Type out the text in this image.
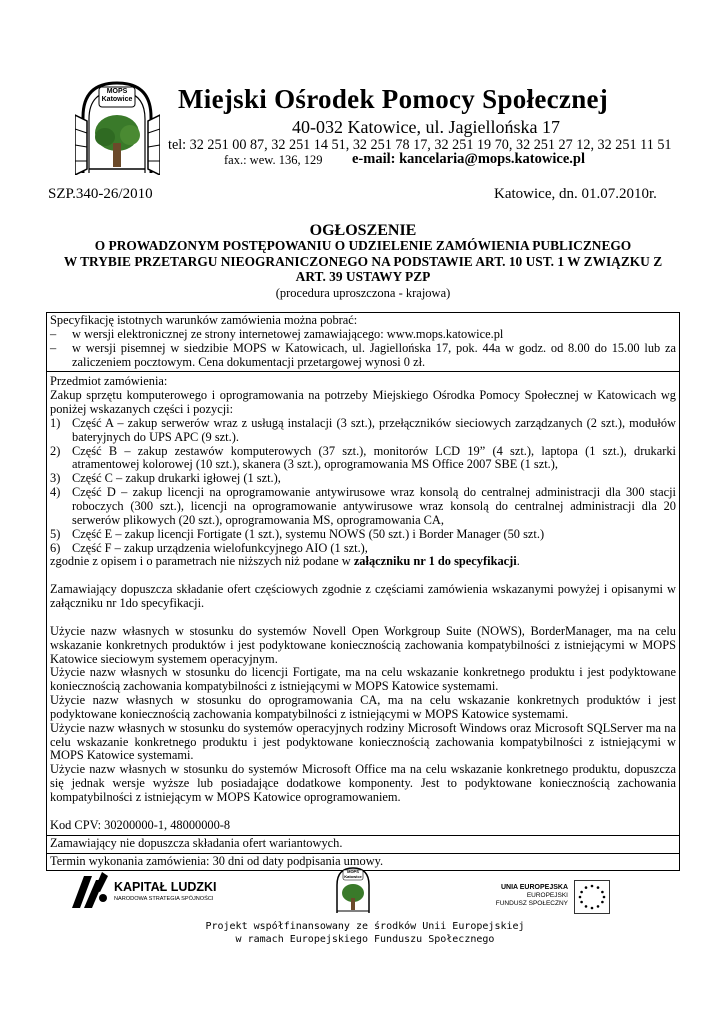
MOPS
Katowice Miejski Ośrodek Pomocy Społecznej
40-032 Katowice, ul. Jagiellońska 17
tel: 32 251 00 87, 32 251 14 51, 32 251 78 17, 32 251 19 70, 32 251 27 12, 32 251 11 51
fax.: wew. 136, 129 e-mail: kancelaria@mops.katowice.pl
SZP.340-26/2010	Katowice, dn. 01.07.2010r.
OGŁOSZENIE
O PROWADZONYM POSTĘPOWANIU O UDZIELENIE ZAMÓWIENIA PUBLICZNEGO
W TRYBIE PRZETARGU NIEOGRANICZONEGO NA PODSTAWIE ART. 10 UST. 1 W ZWIĄZKU Z
ART. 39 USTAWY PZP
(procedura uproszczona - krajowa)

Specyfikację istotnych warunków zamówienia można pobrać:

–	w wersji elektronicznej ze strony internetowej zamawiającego: www.mops.katowice.pl
–	w wersji pisemnej w siedzibie MOPS w Katowicach, ul. Jagiellońska 17, pok. 44a w godz. od 8.00 do 15.00 lub za zaliczeniem pocztowym. Cena dokumentacji przetargowej wynosi 0 zł.

Przedmiot zamówienia:

Zakup sprzętu komputerowego i oprogramowania na potrzeby Miejskiego Ośrodka Pomocy Społecznej w Katowicach wg poniżej wskazanych części i pozycji:

1) Część A – zakup serwerów wraz z usługą instalacji (3 szt.), przełączników sieciowych zarządzanych (2 szt.), modułów bateryjnych do UPS APC (9 szt.).
2) Część B – zakup zestawów komputerowych (37 szt.), monitorów LCD 19” (4 szt.), laptopa (1 szt.), drukarki atramentowej kolorowej (10 szt.), skanera (3 szt.), oprogramowania MS Office 2007 SBE (1 szt.),
3) Część C – zakup drukarki igłowej (1 szt.),
4) Część D – zakup licencji na oprogramowanie antywirusowe wraz konsolą do centralnej administracji dla 300 stacji roboczych (300 szt.), licencji na oprogramowanie antywirusowe wraz konsolą do centralnej administracji dla 20 serwerów plikowych (20 szt.), oprogramowania MS, oprogramowania CA,
5) Część E – zakup licencji Fortigate (1 szt.), systemu NOWS (50 szt.) i Border Manager (50 szt.)
6) Część F – zakup urządzenia wielofunkcyjnego AIO (1 szt.),

zgodnie z opisem i o parametrach nie niższych niż podane w załączniku nr 1 do specyfikacji.

Zamawiający dopuszcza składanie ofert częściowych zgodnie z częściami zamówienia wskazanymi powyżej i opisanymi w załączniku nr 1do specyfikacji.

Użycie nazw własnych w stosunku do systemów Novell Open Workgroup Suite (NOWS), BorderManager, ma na celu wskazanie konkretnych produktów i jest podyktowane koniecznością zachowania kompatybilności z istniejącymi w MOPS Katowice sieciowym systemem operacyjnym.

Użycie nazw własnych w stosunku do licencji Fortigate, ma na celu wskazanie konkretnego produktu i jest podyktowane koniecznością zachowania kompatybilności z istniejącymi w MOPS Katowice systemami.

Użycie nazw własnych w stosunku do oprogramowania CA, ma na celu wskazanie konkretnych produktów i jest podyktowane koniecznością zachowania kompatybilności z istniejącymi w MOPS Katowice systemami.

Użycie nazw własnych w stosunku do systemów operacyjnych rodziny Microsoft Windows oraz Microsoft SQLServer ma na celu wskazanie konkretnego produktu i jest podyktowane koniecznością zachowania kompatybilności z istniejącymi w MOPS Katowice systemami.

Użycie nazw własnych w stosunku do systemów Microsoft Office ma na celu wskazanie konkretnego produktu, dopuszcza się jednak wersje wyższe lub posiadające dodatkowe komponenty. Jest to podyktowane koniecznością zachowania kompatybilności z istniejącym w MOPS Katowice oprogramowaniem.

Kod CPV: 30200000-1, 48000000-8

Zamawiający nie dopuszcza składania ofert wariantowych.

Termin wykonania zamówienia: 30 dni od daty podpisania umowy.

KAPITAŁ LUDZKI
NARODOWA STRATEGIA SPÓJNOŚCI
MOPS
Katowice
UNIA EUROPEJSKA
EUROPEJSKI
FUNDUSZ SPOŁECZNY
Projekt współfinansowany ze środków Unii Europejskiej
w ramach Europejskiego Funduszu Społecznego
